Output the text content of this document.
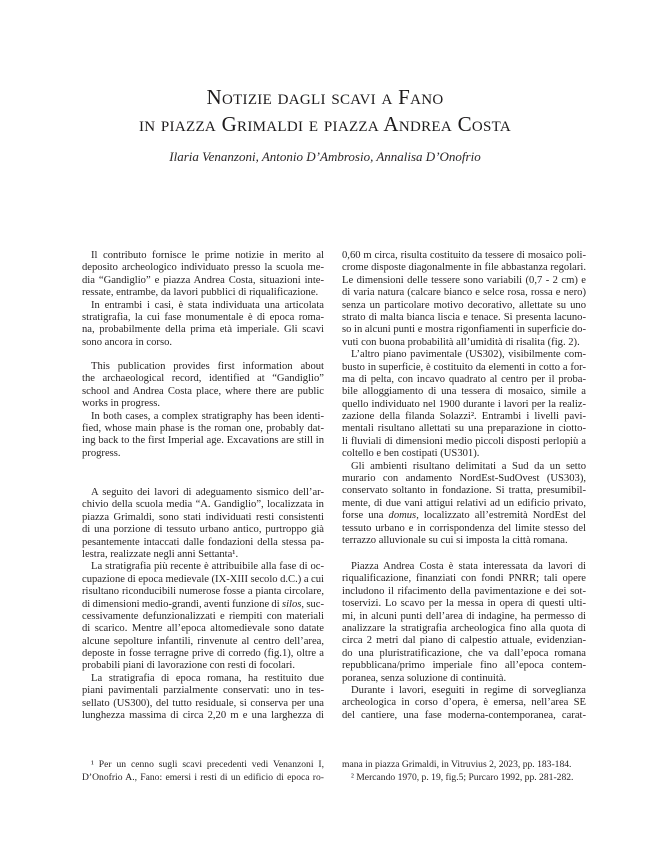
Notizie dagli scavi a Fano
in piazza Grimaldi e piazza Andrea Costa
Ilaria Venanzoni, Antonio D’Ambrosio, Annalisa D’Onofrio
Il contributo fornisce le prime notizie in merito al
deposito archeologico individuato presso la scuola me-
dia “Gandiglio” e piazza Andrea Costa, situazioni inte-
ressate, entrambe, da lavori pubblici di riqualificazione.
In entrambi i casi, è stata individuata una articolata
stratigrafia, la cui fase monumentale è di epoca roma-
na, probabilmente della prima età imperiale. Gli scavi
sono ancora in corso.
This publication provides first information about
the archaeological record, identified at “Gandiglio”
school and Andrea Costa place, where there are public
works in progress.
In both cases, a complex stratigraphy has been identi-
fied, whose main phase is the roman one, probably dat-
ing back to the first Imperial age. Excavations are still in
progress.
A seguito dei lavori di adeguamento sismico dell’ar-
chivio della scuola media “A. Gandiglio”, localizzata in
piazza Grimaldi, sono stati individuati resti consistenti
di una porzione di tessuto urbano antico, purtroppo già
pesantemente intaccati dalle fondazioni della stessa pa-
lestra, realizzate negli anni Settanta¹.
La stratigrafia più recente è attribuibile alla fase di oc-
cupazione di epoca medievale (IX-XIII secolo d.C.) a cui
risultano riconducibili numerose fosse a pianta circolare,
di dimensioni medio-grandi, aventi funzione di silos, suc-
cessivamente defunzionalizzati e riempiti con materiali
di scarico. Mentre all’epoca altomedievale sono datate
alcune sepolture infantili, rinvenute al centro dell’area,
deposte in fosse terragne prive di corredo (fig.1), oltre a
probabili piani di lavorazione con resti di focolari.
La stratigrafia di epoca romana, ha restituito due
piani pavimentali parzialmente conservati: uno in tes-
sellato (US300), del tutto residuale, si conserva per una
lunghezza massima di circa 2,20 m e una larghezza di
¹ Per un cenno sugli scavi precedenti vedi Venanzoni I,
D’Onofrio A., Fano: emersi i resti di un edificio di epoca ro-
0,60 m circa, risulta costituito da tessere di mosaico poli-
crome disposte diagonalmente in file abbastanza regolari.
Le dimensioni delle tessere sono variabili (0,7 - 2 cm) e
di varia natura (calcare bianco e selce rosa, rossa e nero)
senza un particolare motivo decorativo, allettate su uno
strato di malta bianca liscia e tenace. Si presenta lacuno-
so in alcuni punti e mostra rigonfiamenti in superficie do-
vuti con buona probabilità all’umidità di risalita (fig. 2).
L’altro piano pavimentale (US302), visibilmente com-
busto in superficie, è costituito da elementi in cotto a for-
ma di pelta, con incavo quadrato al centro per il proba-
bile alloggiamento di una tessera di mosaico, simile a
quello individuato nel 1900 durante i lavori per la realiz-
zazione della filanda Solazzi². Entrambi i livelli pavi-
mentali risultano allettati su una preparazione in ciotto-
li fluviali di dimensioni medio piccoli disposti perlopiù a
coltello e ben costipati (US301).
Gli ambienti risultano delimitati a Sud da un setto
murario con andamento NordEst-SudOvest (US303),
conservato soltanto in fondazione. Si tratta, presumibil-
mente, di due vani attigui relativi ad un edificio privato,
forse una domus, localizzato all’estremità NordEst del
tessuto urbano e in corrispondenza del limite stesso del
terrazzo alluvionale su cui si imposta la città romana.
Piazza Andrea Costa è stata interessata da lavori di
riqualificazione, finanziati con fondi PNRR; tali opere
includono il rifacimento della pavimentazione e dei sot-
toservizi. Lo scavo per la messa in opera di questi ulti-
mi, in alcuni punti dell’area di indagine, ha permesso di
analizzare la stratigrafia archeologica fino alla quota di
circa 2 metri dal piano di calpestio attuale, evidenzian-
do una pluristratificazione, che va dall’epoca romana
repubblicana/primo imperiale fino all’epoca contem-
poranea, senza soluzione di continuità.
Durante i lavori, eseguiti in regime di sorveglianza
archeologica in corso d’opera, è emersa, nell’area SE
del cantiere, una fase moderna-contemporanea, carat-
mana in piazza Grimaldi, in Vitruvius 2, 2023, pp. 183-184.
² Mercando 1970, p. 19, fig.5; Purcaro 1992, pp. 281-282.
